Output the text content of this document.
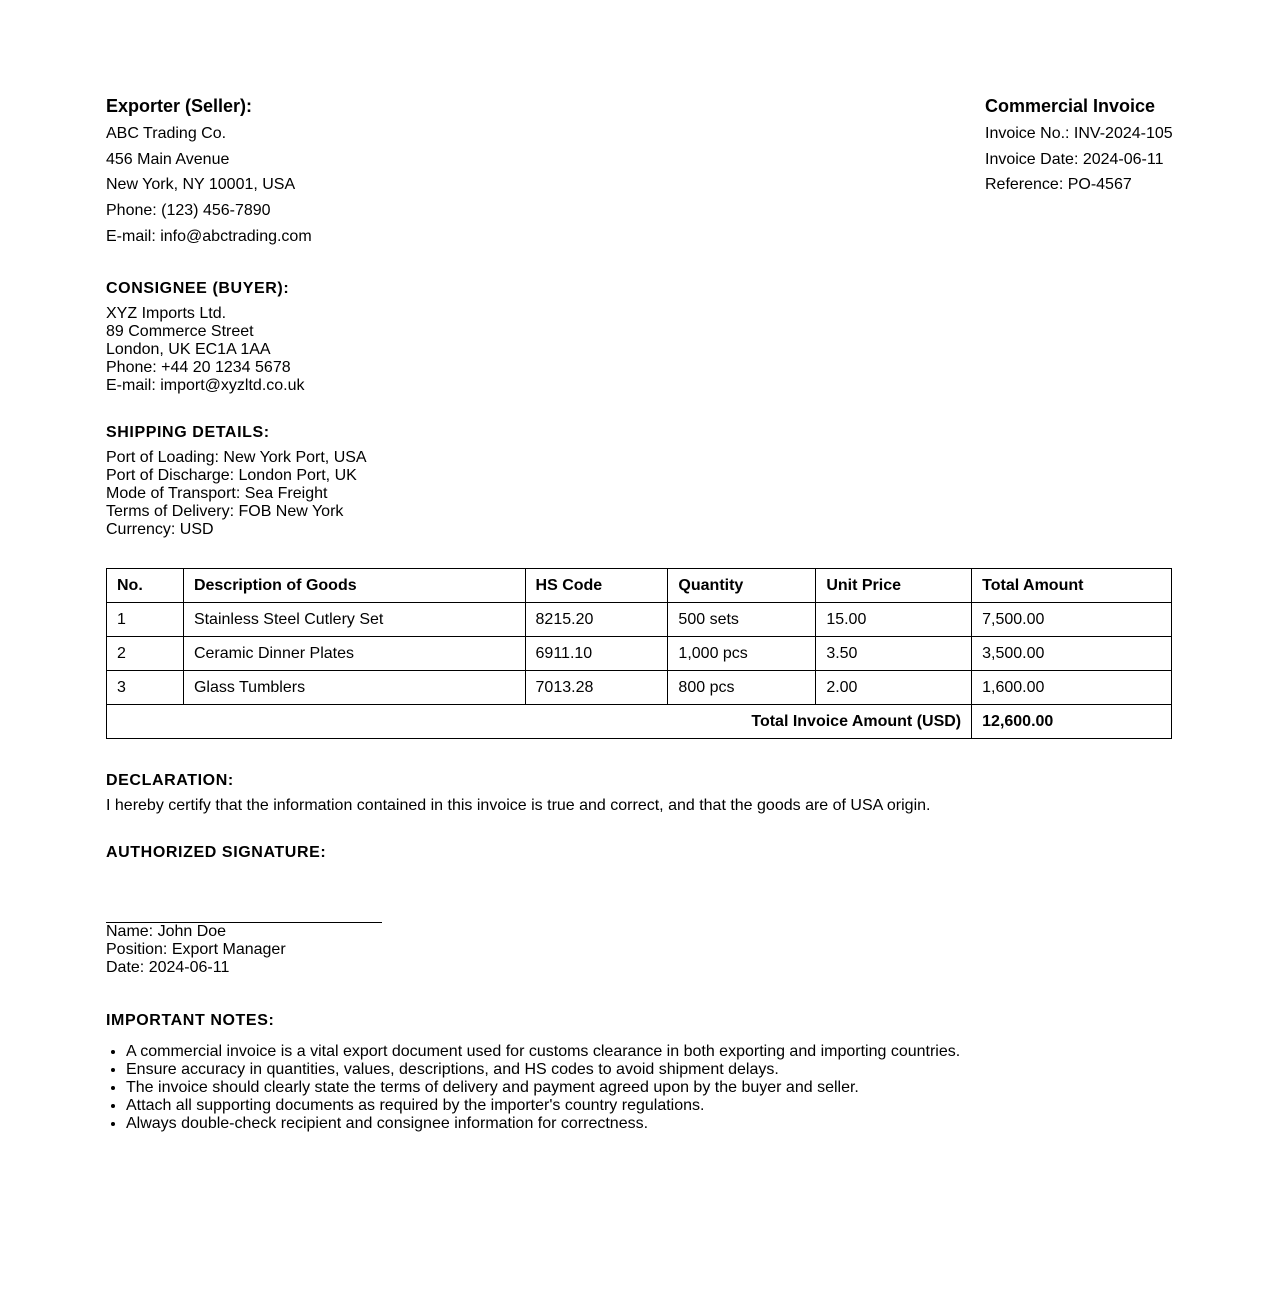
Exporter (Seller):
ABC Trading Co.
456 Main Avenue
New York, NY 10001, USA
Phone: (123) 456-7890
E-mail: info@abctrading.com
Commercial Invoice
Invoice No.: INV-2024-105
Invoice Date: 2024-06-11
Reference: PO-4567
CONSIGNEE (BUYER):
XYZ Imports Ltd.
89 Commerce Street
London, UK EC1A 1AA
Phone: +44 20 1234 5678
E-mail: import@xyzltd.co.uk
SHIPPING DETAILS:
Port of Loading: New York Port, USA
Port of Discharge: London Port, UK
Mode of Transport: Sea Freight
Terms of Delivery: FOB New York
Currency: USD
No.	Description of Goods	HS Code	Quantity	Unit Price	Total Amount
1	Stainless Steel Cutlery Set	8215.20	500 sets	15.00	7,500.00
2	Ceramic Dinner Plates	6911.10	1,000 pcs	3.50	3,500.00
3	Glass Tumblers	7013.28	800 pcs	2.00	1,600.00
Total Invoice Amount (USD)					12,600.00
DECLARATION:
I hereby certify that the information contained in this invoice is true and correct, and that the goods are of USA origin.
AUTHORIZED SIGNATURE:
Name: John Doe
Position: Export Manager
Date: 2024-06-11
IMPORTANT NOTES:
• A commercial invoice is a vital export document used for customs clearance in both exporting and importing countries.
• Ensure accuracy in quantities, values, descriptions, and HS codes to avoid shipment delays.
• The invoice should clearly state the terms of delivery and payment agreed upon by the buyer and seller.
• Attach all supporting documents as required by the importer's country regulations.
• Always double-check recipient and consignee information for correctness.
